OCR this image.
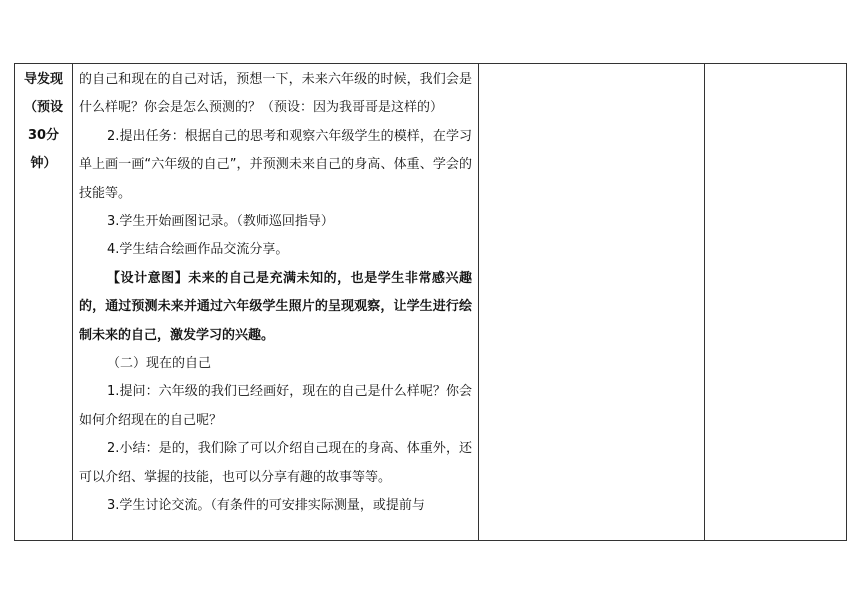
导发现
（预设
30分
钟）

的自己和现在的自己对话，预想一下，未来六年级的时候，我们会是什么样呢？你会是怎么预测的？（预设：因为我哥哥是这样的）

2.提出任务：根据自己的思考和观察六年级学生的模样，在学习单上画一画“六年级的自己”，并预测未来自己的身高、体重、学会的技能等。

3.学生开始画图记录。（教师巡回指导）

4.学生结合绘画作品交流分享。

【设计意图】未来的自己是充满未知的，也是学生非常感兴趣的，通过预测未来并通过六年级学生照片的呈现观察，让学生进行绘制未来的自己，激发学习的兴趣。

（二）现在的自己

1.提问：六年级的我们已经画好，现在的自己是什么样呢？你会如何介绍现在的自己呢？

2.小结：是的，我们除了可以介绍自己现在的身高、体重外，还可以介绍、掌握的技能，也可以分享有趣的故事等等。

3.学生讨论交流。（有条件的可安排实际测量，或提前与
